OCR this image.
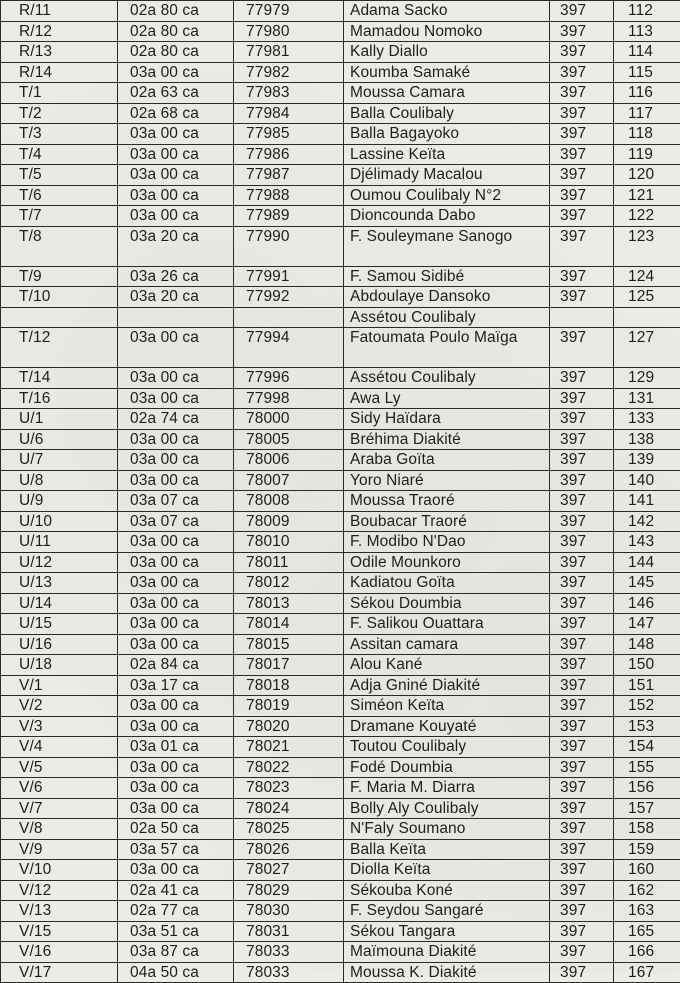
R/11	02a 80 ca	77979	Adama Sacko	397	112
R/12	02a 80 ca	77980	Mamadou Nomoko	397	113
R/13	02a 80 ca	77981	Kally Diallo	397	114
R/14	03a 00 ca	77982	Koumba Samaké	397	115
T/1	02a 63 ca	77983	Moussa Camara	397	116
T/2	02a 68 ca	77984	Balla Coulibaly	397	117
T/3	03a 00 ca	77985	Balla Bagayoko	397	118
T/4	03a 00 ca	77986	Lassine Keïta	397	119
T/5	03a 00 ca	77987	Djélimady Macalou	397	120
T/6	03a 00 ca	77988	Oumou Coulibaly N°2	397	121
T/7	03a 00 ca	77989	Dioncounda Dabo	397	122
T/8	03a 20 ca	77990	F. Souleymane Sanogo	397	123
T/9	03a 26 ca	77991	F. Samou Sidibé	397	124
T/10	03a 20 ca	77992	Abdoulaye Dansoko	397	125
			Assétou Coulibaly		
T/12	03a 00 ca	77994	Fatoumata Poulo Maïga	397	127
T/14	03a 00 ca	77996	Assétou Coulibaly	397	129
T/16	03a 00 ca	77998	Awa Ly	397	131
U/1	02a 74 ca	78000	Sidy Haïdara	397	133
U/6	03a 00 ca	78005	Bréhima Diakité	397	138
U/7	03a 00 ca	78006	Araba Goïta	397	139
U/8	03a 00 ca	78007	Yoro Niaré	397	140
U/9	03a 07 ca	78008	Moussa Traoré	397	141
U/10	03a 07 ca	78009	Boubacar Traoré	397	142
U/11	03a 00 ca	78010	F. Modibo N'Dao	397	143
U/12	03a 00 ca	78011	Odile Mounkoro	397	144
U/13	03a 00 ca	78012	Kadiatou Goïta	397	145
U/14	03a 00 ca	78013	Sékou Doumbia	397	146
U/15	03a 00 ca	78014	F. Salikou Ouattara	397	147
U/16	03a 00 ca	78015	Assitan camara	397	148
U/18	02a 84 ca	78017	Alou Kané	397	150
V/1	03a 17 ca	78018	Adja Gniné Diakité	397	151
V/2	03a 00 ca	78019	Siméon Keïta	397	152
V/3	03a 00 ca	78020	Dramane Kouyaté	397	153
V/4	03a 01 ca	78021	Toutou Coulibaly	397	154
V/5	03a 00 ca	78022	Fodé Doumbia	397	155
V/6	03a 00 ca	78023	F. Maria M. Diarra	397	156
V/7	03a 00 ca	78024	Bolly Aly Coulibaly	397	157
V/8	02a 50 ca	78025	N'Faly Soumano	397	158
V/9	03a 57 ca	78026	Balla Keïta	397	159
V/10	03a 00 ca	78027	Diolla Keïta	397	160
V/12	02a 41 ca	78029	Sékouba Koné	397	162
V/13	02a 77 ca	78030	F. Seydou Sangaré	397	163
V/15	03a 51 ca	78031	Sékou Tangara	397	165
V/16	03a 87 ca	78033	Maïmouna Diakité	397	166
V/17	04a 50 ca	78033	Moussa K. Diakité	397	167
